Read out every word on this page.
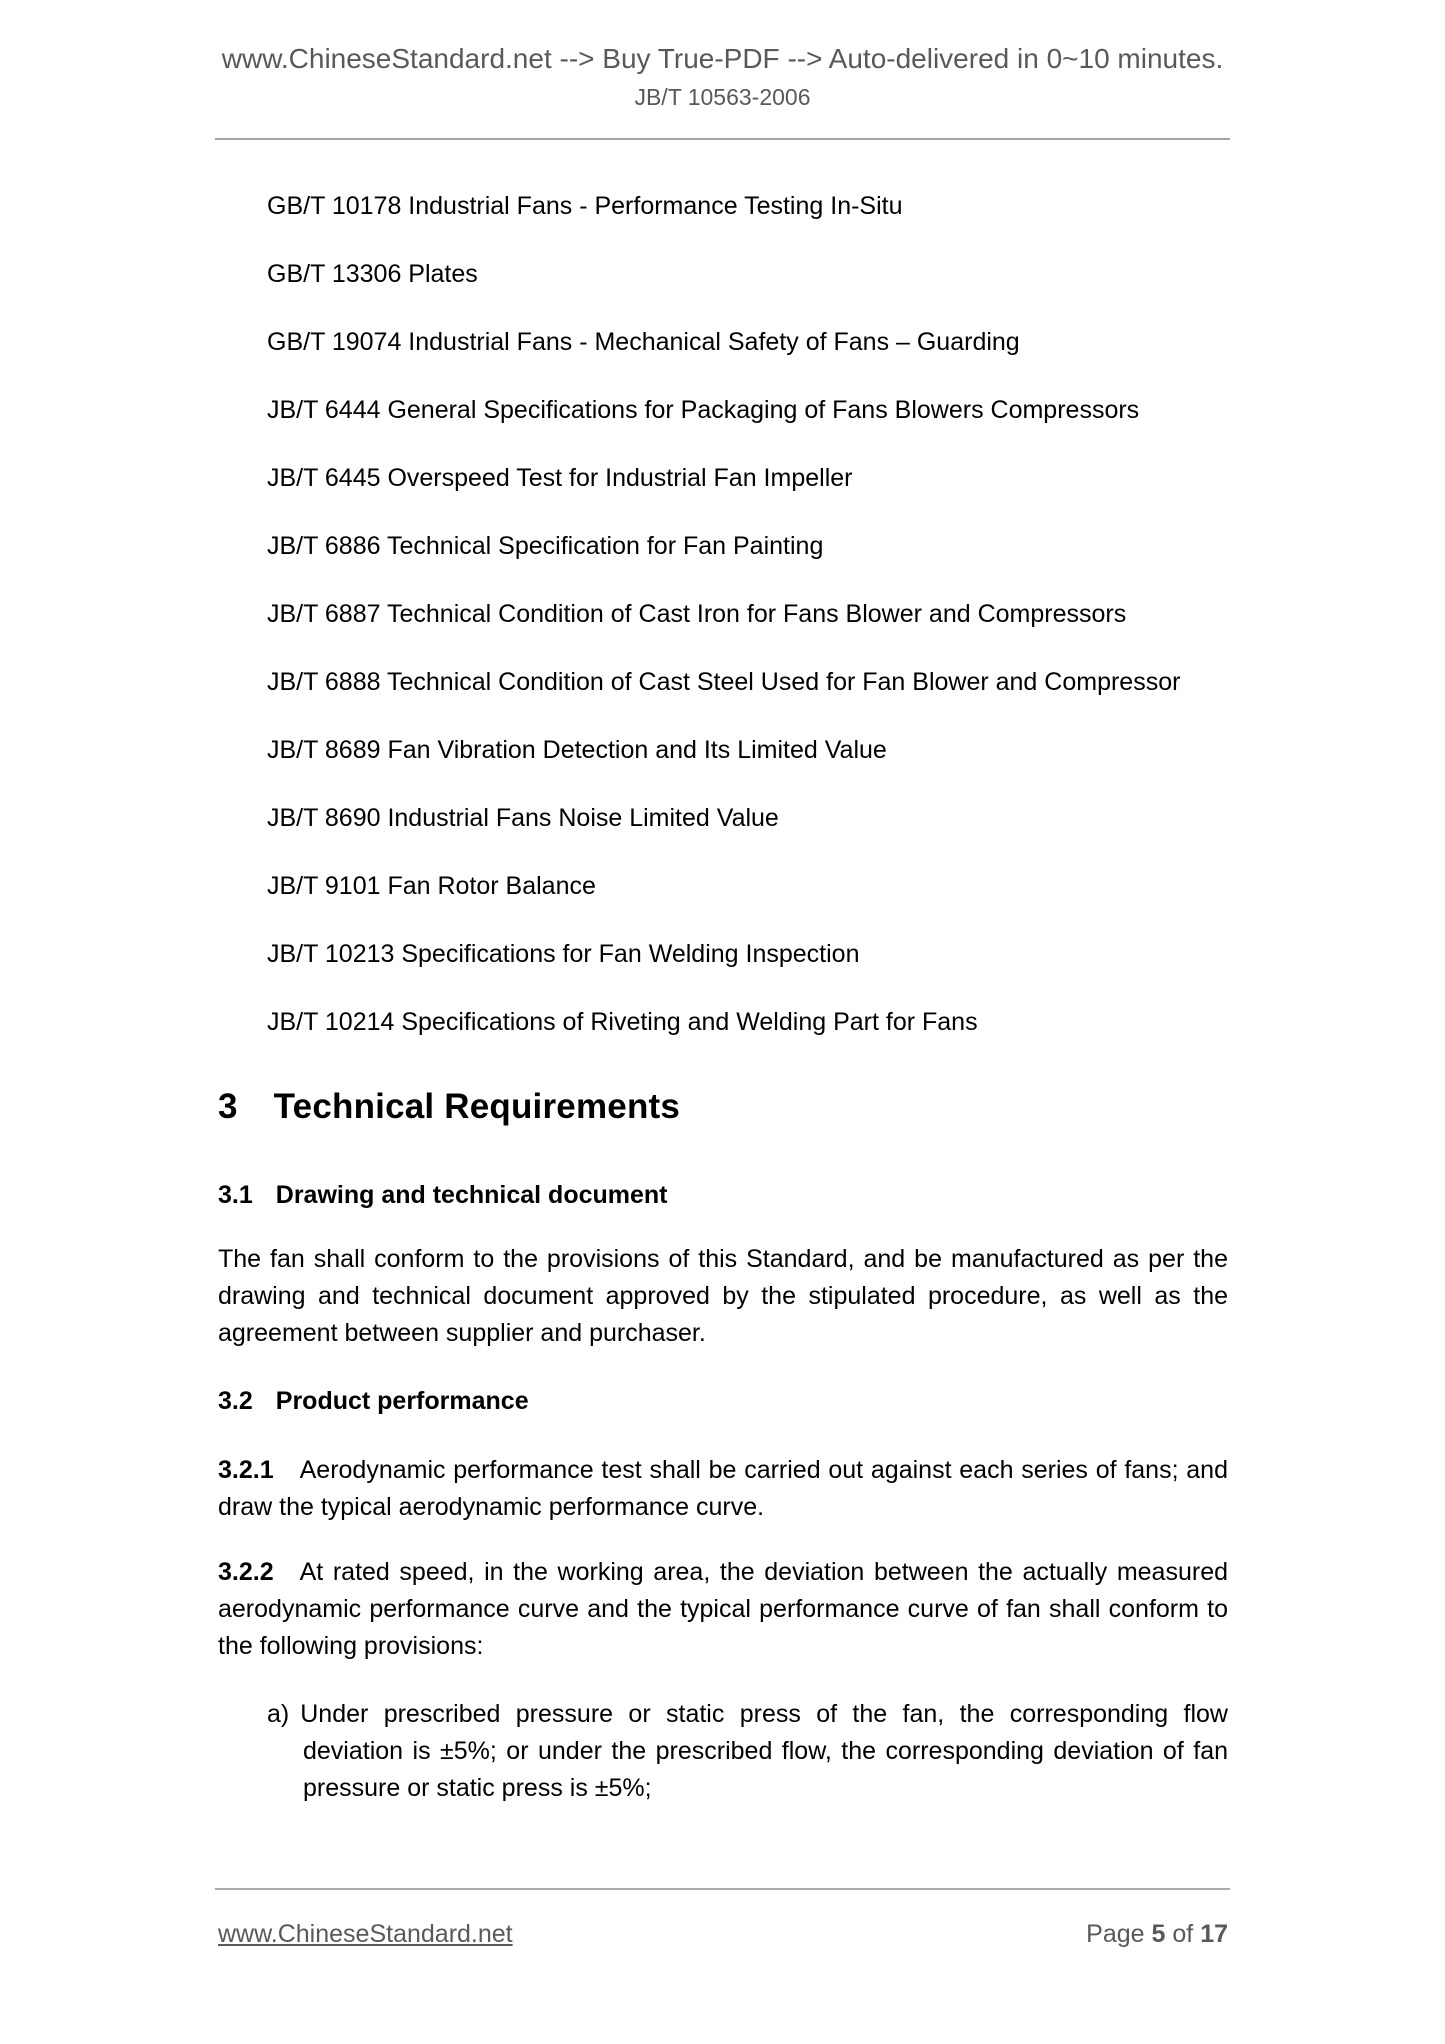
www.ChineseStandard.net --> Buy True-PDF --> Auto-delivered in 0~10 minutes.
JB/T 10563-2006
GB/T 10178 Industrial Fans - Performance Testing In-Situ
GB/T 13306 Plates
GB/T 19074 Industrial Fans - Mechanical Safety of Fans – Guarding
JB/T 6444 General Specifications for Packaging of Fans Blowers Compressors
JB/T 6445 Overspeed Test for Industrial Fan Impeller
JB/T 6886 Technical Specification for Fan Painting
JB/T 6887 Technical Condition of Cast Iron for Fans Blower and Compressors
JB/T 6888 Technical Condition of Cast Steel Used for Fan Blower and Compressor
JB/T 8689 Fan Vibration Detection and Its Limited Value
JB/T 8690 Industrial Fans Noise Limited Value
JB/T 9101 Fan Rotor Balance
JB/T 10213 Specifications for Fan Welding Inspection
JB/T 10214 Specifications of Riveting and Welding Part for Fans
3 Technical Requirements
3.1 Drawing and technical document

The fan shall conform to the provisions of this Standard, and be manufactured as per the drawing and technical document approved by the stipulated procedure, as well as the agreement between supplier and purchaser.

3.2 Product performance

3.2.1 Aerodynamic performance test shall be carried out against each series of fans; and draw the typical aerodynamic performance curve.

3.2.2 At rated speed, in the working area, the deviation between the actually measured aerodynamic performance curve and the typical performance curve of fan shall conform to the following provisions:

a) Under prescribed pressure or static press of the fan, the corresponding flow deviation is ±5%; or under the prescribed flow, the corresponding deviation of fan pressure or static press is ±5%;

www.ChineseStandard.net	Page 5 of 17
